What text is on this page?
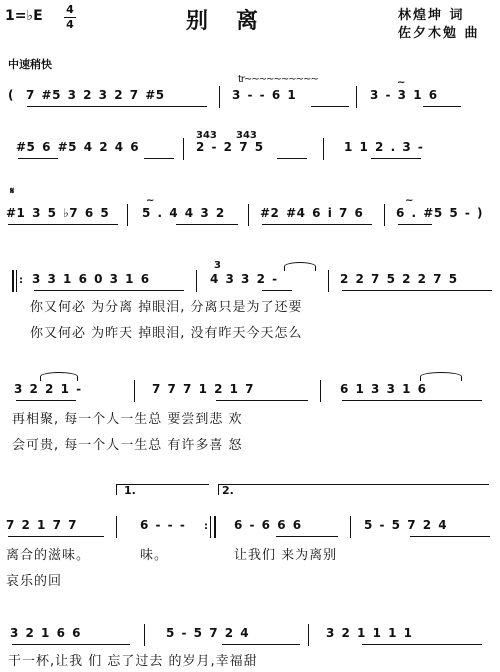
1=♭E 4
4	别离	林煌坤 词
佐夕木勉 曲
中速稍快
( 7 #5 3 2 3 2 7 #5
tr~~~~~~~~~~
3 - - 6 1
~
3 - 3 1 6
#5 6 #5 4 2 4 6
343 343
2 - 2 7 5	1 1 2 . 3 -
𝄋
#1 3 5 ♭7 6 5
~
5 . 4 4 3 2	#2 #4 6 i 7 6
~
6 . #5 5 - )
: 3 3 1 6 0 3 1 6
3
4 3 3 2 -	2 2 7 5 2 2 7 5
你又何必 为分离 掉眼泪, 分离只是为了还要
你又何必 为昨天 掉眼泪, 没有昨天今天怎么
3 2 2 1 -	7 7 7 1 2 1 7	6 1 3 3 1 6
再相聚, 每一个人一生总 要尝到悲 欢
会可贵, 每一个人一生总 有许多喜 怒
1.	2.
7 2 1 7 7	6 - - - : 6 - 6 6 6	5 - 5 7 2 4
离合的滋味。	味。	让我们 来为离别
哀乐的回
3 2 1 6 6	5 - 5 7 2 4	3 2 1 1 1 1
干一杯,让我 们 忘了过去 的岁月,幸福甜
